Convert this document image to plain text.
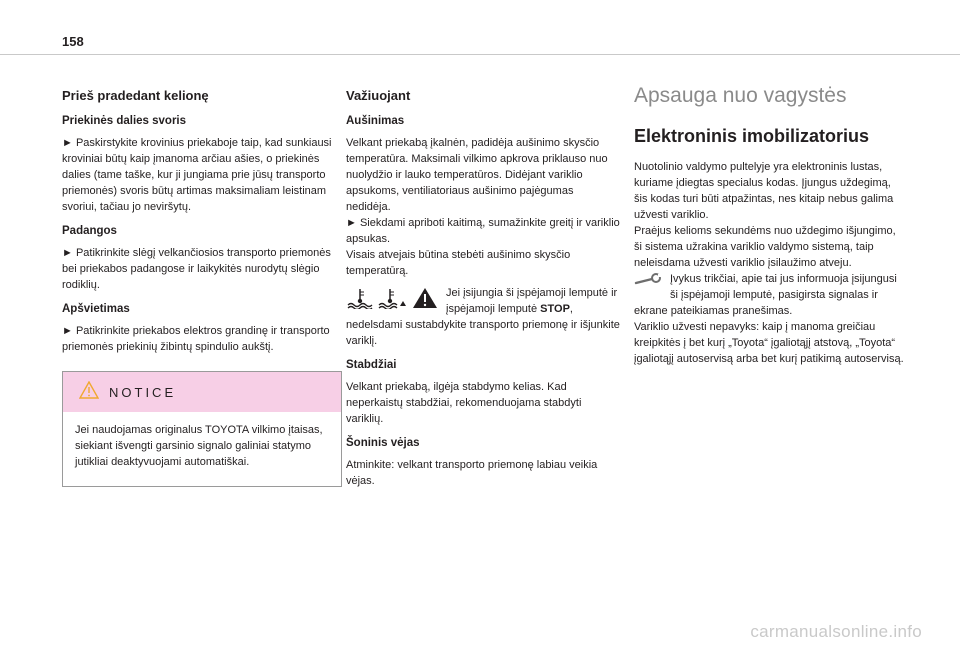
158
Prieš pradedant kelionę
Priekinės dalies svoris

► Paskirstykite krovinius priekaboje taip, kad sunkiausi kroviniai būtų kaip įmanoma arčiau ašies, o priekinės dalies (tame taške, kur ji jungiama prie jūsų transporto priemonės) svoris būtų artimas maksimaliam leistinam svoriui, tačiau jo neviršytų.

Padangos

► Patikrinkite slėgį velkančiosios transporto priemonės bei priekabos padangose ir laikykitės nurodytų slėgio rodiklių.

Apšvietimas

► Patikrinkite priekabos elektros grandinę ir transporto priemonės priekinių žibintų spindulio aukštį.

NOTICE

Jei naudojamas originalus TOYOTA vilkimo įtaisas, siekiant išvengti garsinio signalo galiniai statymo jutikliai deaktyvuojami automatiškai.

Važiuojant
Aušinimas

Velkant priekabą įkalnėn, padidėja aušinimo skysčio temperatūra. Maksimali vilkimo apkrova priklauso nuo nuolydžio ir lauko temperatūros. Didėjant varikliо apsukoms, ventiliatoriaus aušinimo pajėgumas nedidėja.

► Siekdami apriboti kaitimą, sumažinkite greitį ir variklio apsukas.

Visais atvejais būtina stebėti aušinimo skysčio temperatūrą.

Jei įsijungia ši įspėjamoji lemputė ir įspėjamoji lemputė STOP, nedelsdami sustabdykite transporto priemonę ir išjunkite variklį.

Stabdžiai

Velkant priekabą, ilgėja stabdymo kelias. Kad neperkaistų stabdžiai, rekomenduojama stabdyti variklių.

Šoninis vėjas

Atminkite: velkant transporto priemonę labiau veikia vėjas.

Apsauga nuo vagystės
Elektroninis imobilizatorius

Nuotolinio valdymo pultelyje yra elektroninis lustas, kuriame įdiegtas specialus kodas. Įjungus uždegimą, šis kodas turi būti atpažintas, nes kitaip nebus galima užvesti variklio.

Praėjus kelioms sekundėms nuo uždegimo išjungimo, ši sistema užrakina variklio valdymo sistemą, taip neleisdama užvesti variklio įsilaužimo atveju.

Įvykus trikčiai, apie tai jus informuoja įsijungusi ši įspėjamoji lemputė, pasigirsta signalas ir ekrane pateikiamas pranešimas.

Variklio užvesti nepavyks: kaip į manoma greičiau kreipkitės į bet kurį „Toyota“ įgaliotąjį atstovą, „Toyota“ įgaliotąjį autoservisą arba bet kurį patikimą autoservisą.

carmanualsonline.info
